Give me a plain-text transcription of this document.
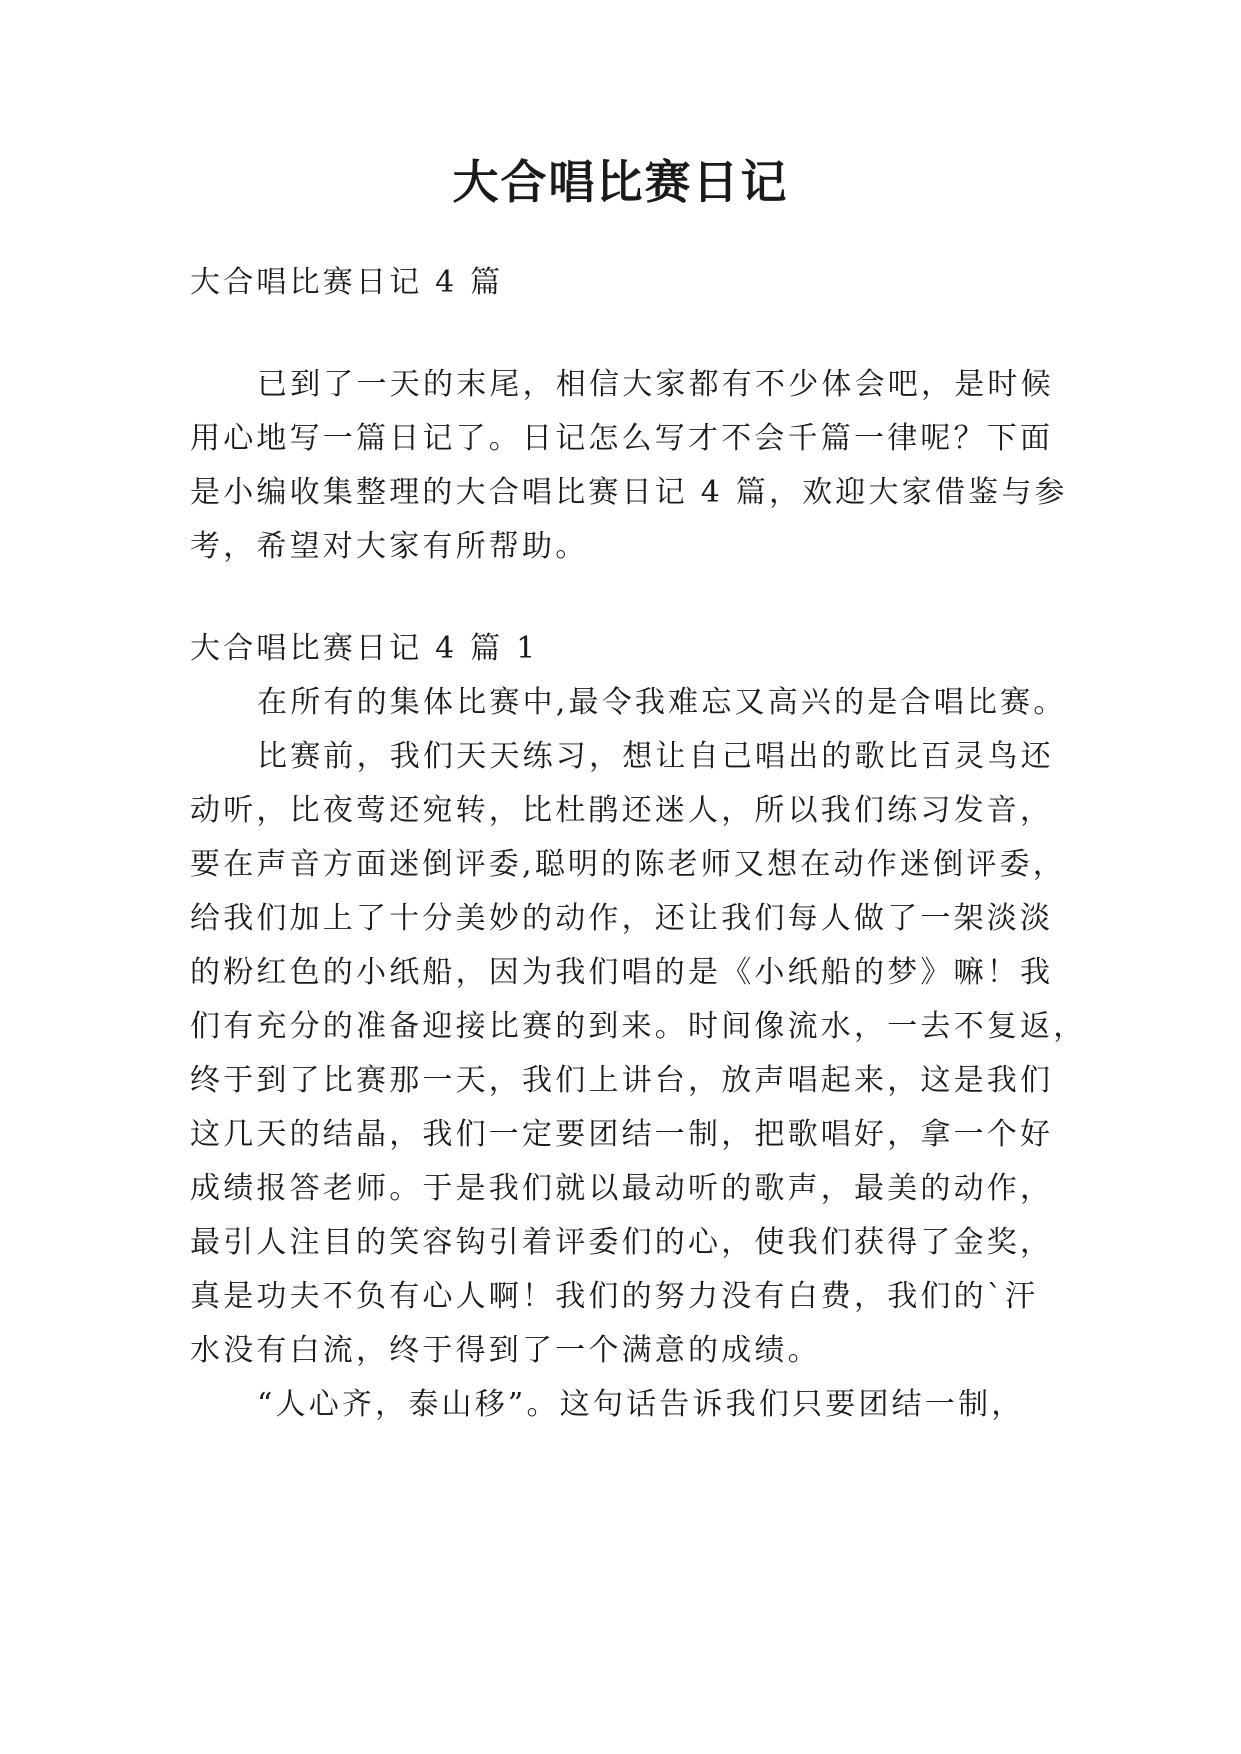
大合唱比赛日记

大合唱比赛日记 4 篇

已到了一天的末尾，相信大家都有不少体会吧，是时候

用心地写一篇日记了。日记怎么写才不会千篇一律呢？下面

是小编收集整理的大合唱比赛日记 4 篇，欢迎大家借鉴与参

考，希望对大家有所帮助。

大合唱比赛日记 4 篇 1

在所有的集体比赛中,最令我难忘又高兴的是合唱比赛。

比赛前，我们天天练习，想让自己唱出的歌比百灵鸟还

动听，比夜莺还宛转，比杜鹃还迷人，所以我们练习发音，

要在声音方面迷倒评委,聪明的陈老师又想在动作迷倒评委，

给我们加上了十分美妙的动作，还让我们每人做了一架淡淡

的粉红色的小纸船，因为我们唱的是《小纸船的梦》嘛！我

们有充分的准备迎接比赛的到来。时间像流水，一去不复返，

终于到了比赛那一天，我们上讲台，放声唱起来，这是我们

这几天的结晶，我们一定要团结一制，把歌唱好，拿一个好

成绩报答老师。于是我们就以最动听的歌声，最美的动作，

最引人注目的笑容钩引着评委们的心，使我们获得了金奖，

真是功夫不负有心人啊！我们的努力没有白费，我们的`汗

水没有白流，终于得到了一个满意的成绩。

“人心齐，泰山移”。这句话告诉我们只要团结一制，
